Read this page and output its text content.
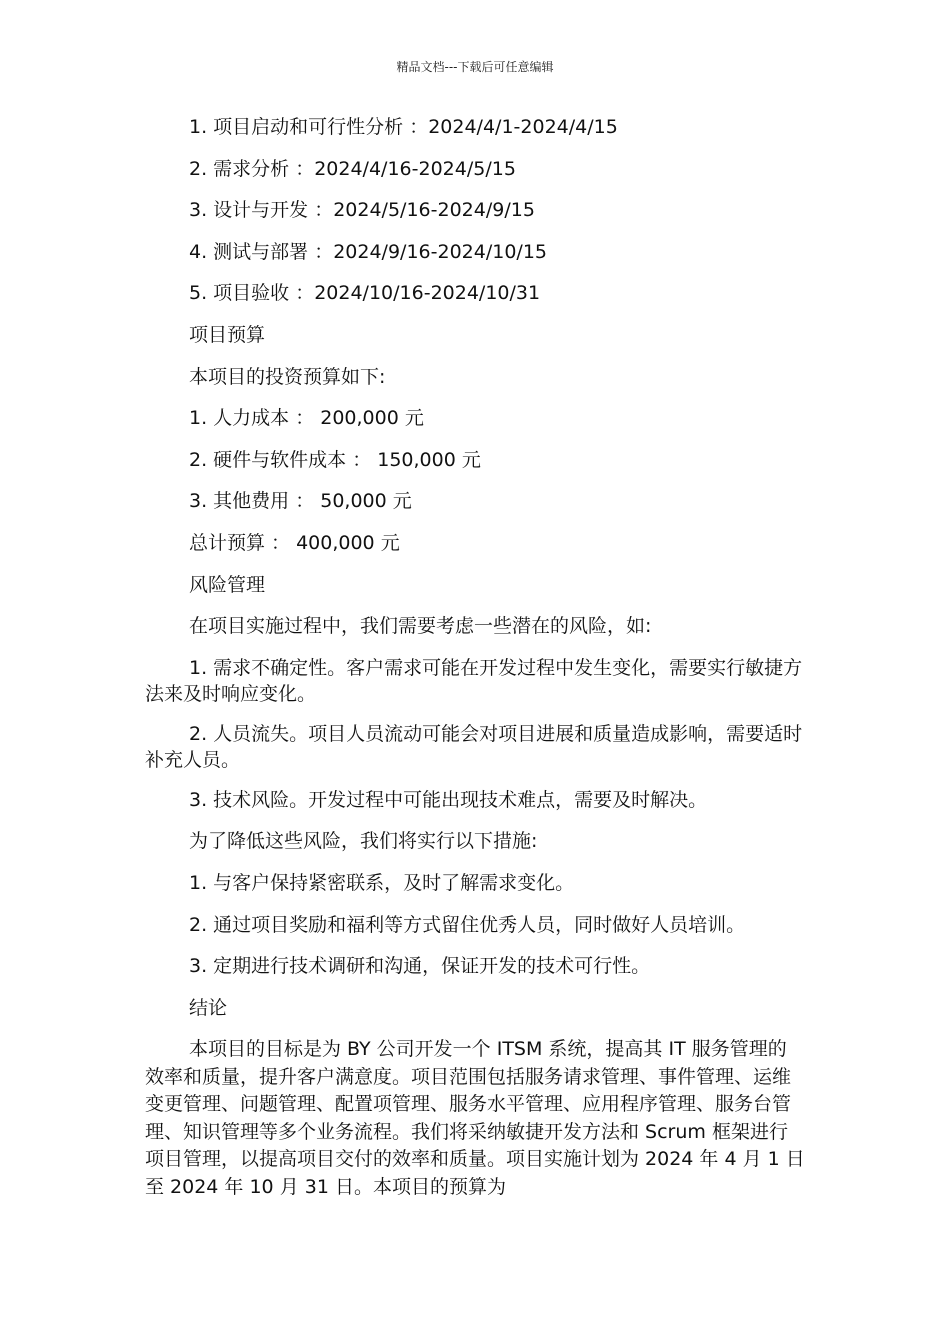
精品文档---下载后可任意编辑

1. 项目启动和可行性分析 ：2024/4/1-2024/4/15

2. 需求分析 ：2024/4/16-2024/5/15

3. 设计与开发 ：2024/5/16-2024/9/15

4. 测试与部署 ：2024/9/16-2024/10/15

5. 项目验收 ：2024/10/16-2024/10/31

项目预算

本项目的投资预算如下:

1. 人力成本 ： 200,000 元

2. 硬件与软件成本 ： 150,000 元

3. 其他费用 ： 50,000 元

总计预算 ： 400,000 元

风险管理

在项目实施过程中，我们需要考虑一些潜在的风险，如:

1. 需求不确定性。客户需求可能在开发过程中发生变化，需要实行敏捷方法来及时响应变化。

2. 人员流失。项目人员流动可能会对项目进展和质量造成影响，需要适时补充人员。

3. 技术风险。开发过程中可能出现技术难点，需要及时解决。

为了降低这些风险，我们将实行以下措施:

1. 与客户保持紧密联系，及时了解需求变化。

2. 通过项目奖励和福利等方式留住优秀人员，同时做好人员培训。

3. 定期进行技术调研和沟通，保证开发的技术可行性。

结论

本项目的目标是为 BY 公司开发一个 ITSM 系统，提高其 IT 服务管理的效率和质量，提升客户满意度。项目范围包括服务请求管理、事件管理、运维变更管理、问题管理、配置项管理、服务水平管理、应用程序管理、服务台管理、知识管理等多个业务流程。我们将采纳敏捷开发方法和 Scrum 框架进行项目管理，以提高项目交付的效率和质量。项目实施计划为 2024 年 4 月 1 日至 2024 年 10 月 31 日。本项目的预算为
